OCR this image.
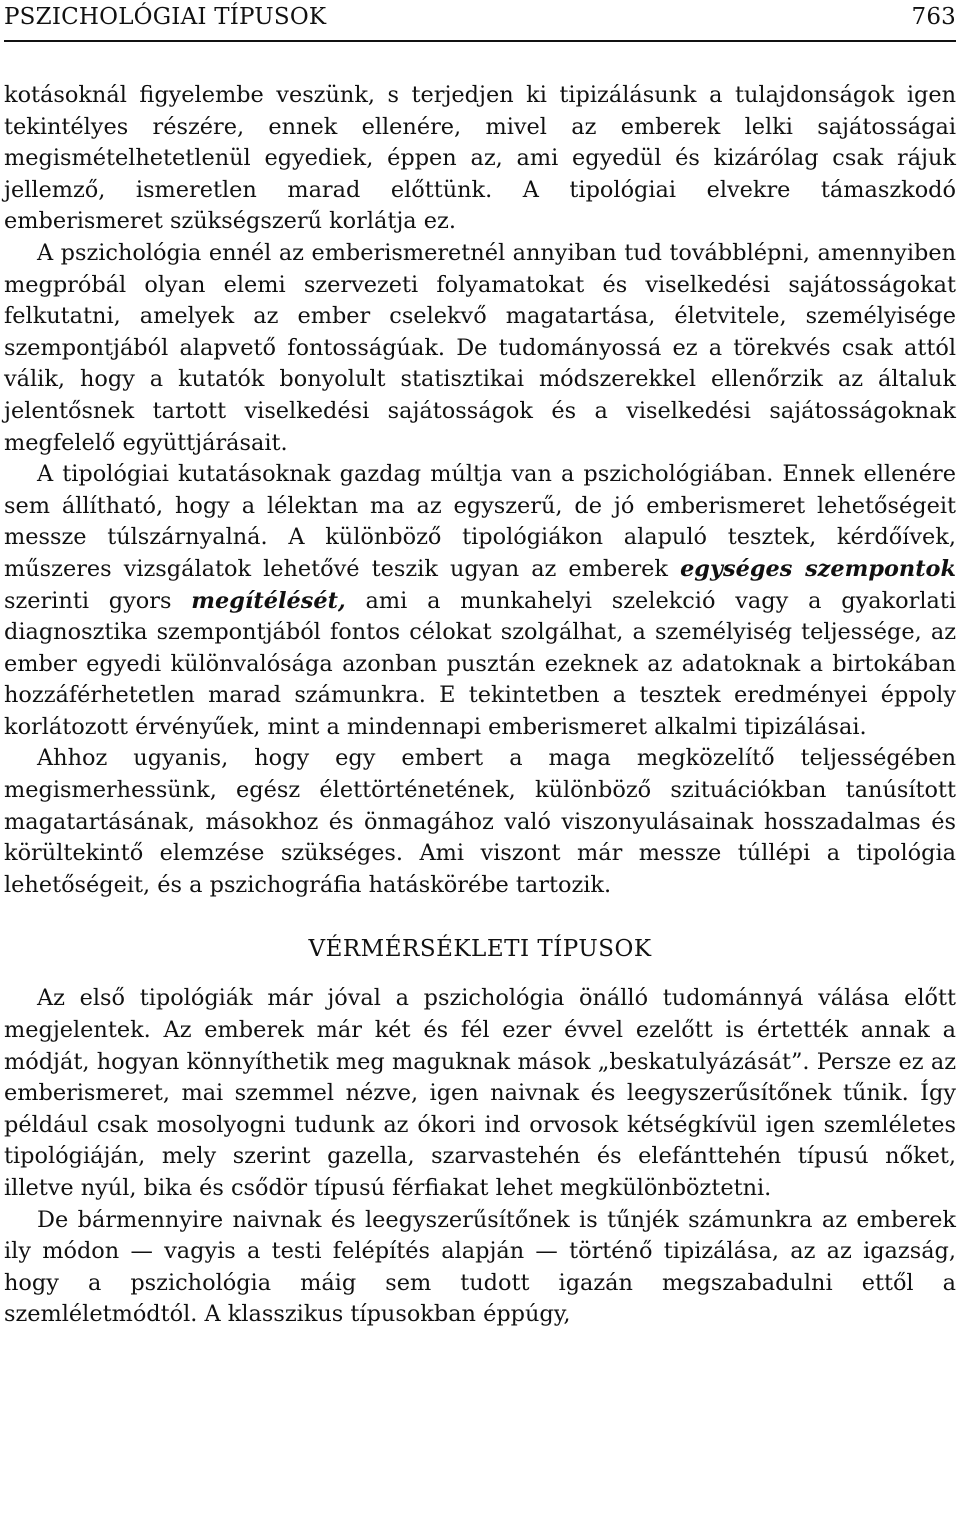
PSZICHOLÓGIAI TÍPUSOK	763

kotásoknál figyelembe veszünk, s terjedjen ki tipizálásunk a tulajdonságok igen tekintélyes részére, ennek ellenére, mivel az emberek lelki sajátosságai megismételhetetlenül egyediek, éppen az, ami egyedül és kizárólag csak rájuk jellemző, ismeretlen marad előttünk. A tipológiai elvekre támaszkodó emberismeret szükségszerű korlátja ez.

A pszichológia ennél az emberismeretnél annyiban tud továbblépni, amennyiben megpróbál olyan elemi szervezeti folyamatokat és viselkedési sajátosságokat felkutatni, amelyek az ember cselekvő magatartása, életvitele, személyisége szempontjából alapvető fontosságúak. De tudományossá ez a törekvés csak attól válik, hogy a kutatók bonyolult statisztikai módszerekkel ellenőrzik az általuk jelentősnek tartott viselkedési sajátosságok és a viselkedési sajátosságoknak megfelelő együttjárásait.

A tipológiai kutatásoknak gazdag múltja van a pszichológiában. Ennek ellenére sem állítható, hogy a lélektan ma az egyszerű, de jó emberismeret lehetőségeit messze túlszárnyalná. A különböző tipológiákon alapuló tesztek, kérdőívek, műszeres vizsgálatok lehetővé teszik ugyan az emberek egységes szempontok szerinti gyors megítélését, ami a munkahelyi szelekció vagy a gyakorlati diagnosztika szempontjából fontos célokat szolgálhat, a személyiség teljessége, az ember egyedi különvalósága azonban pusztán ezeknek az adatoknak a birtokában hozzáférhetetlen marad számunkra. E tekintetben a tesztek eredményei éppoly korlátozott érvényűek, mint a mindennapi emberismeret alkalmi tipizálásai.

Ahhoz ugyanis, hogy egy embert a maga megközelítő teljességében megismerhessünk, egész élettörténetének, különböző szituációkban tanúsított magatartásának, másokhoz és önmagához való viszonyulásainak hosszadalmas és körültekintő elemzése szükséges. Ami viszont már messze túllépi a tipológia lehetőségeit, és a pszichográfia hatáskörébe tartozik.

VÉRMÉRSÉKLETI TÍPUSOK

Az első tipológiák már jóval a pszichológia önálló tudománnyá válása előtt megjelentek. Az emberek már két és fél ezer évvel ezelőtt is értették annak a módját, hogyan könnyíthetik meg maguknak mások „beskatulyázását”. Persze ez az emberismeret, mai szemmel nézve, igen naivnak és leegyszerűsítőnek tűnik. Így például csak mosolyogni tudunk az ókori ind orvosok kétségkívül igen szemléletes tipológiáján, mely szerint gazella, szarvastehén és elefánttehén típusú nőket, illetve nyúl, bika és csődör típusú férfiakat lehet megkülönböztetni.

De bármennyire naivnak és leegyszerűsítőnek is tűnjék számunkra az emberek ily módon — vagyis a testi felépítés alapján — történő tipizálása, az az igazság, hogy a pszichológia máig sem tudott igazán megszabadulni ettől a szemléletmódtól. A klasszikus típusokban éppúgy,
